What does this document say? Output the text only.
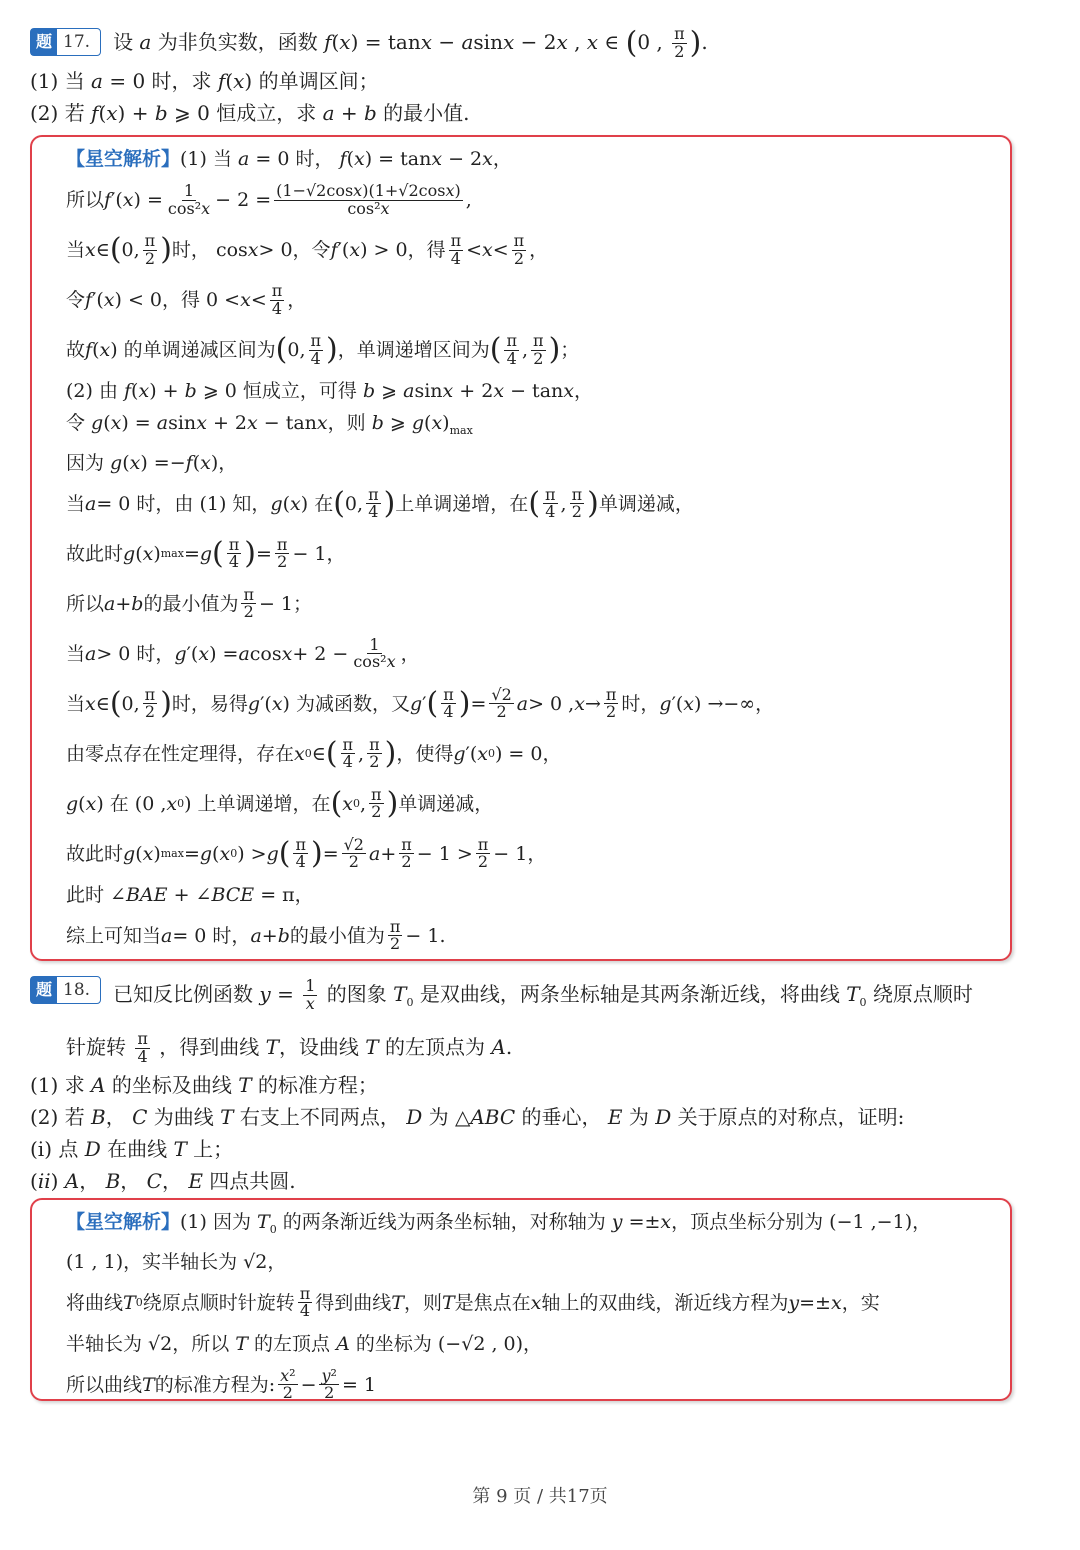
题 17.	设 a 为非负实数，函数 f(x) = tanx − asinx − 2x , x ∈ (0 , $\frac{\pi}{2}$ ).
(1) 当 a = 0 时，求 f(x) 的单调区间；
(2) 若 f(x) + b ⩾ 0 恒成立，求 a + b 的最小值.
【星空解析】(1) 当 a = 0 时， f(x) = tanx − 2x，
所以 f ′( x ) = $\frac{1}{\text{cos²x}} - 2 = \frac{(1-√2\cos x)(1+√2\cos x)}{\text{cos²x}}$ ,
当 x ∈ ( 0, $\frac{\pi}{2}$ ) 时， cos x > 0，令 f ′( x ) > 0，得 $\frac{\pi}{4} < x < \frac{\pi}{2}$ ，
令 f ′( x ) < 0，得 $0 < x < \frac{\pi}{4}$ ，
故 f ( x ) 的单调递减区间为 ( 0, $\frac{\pi}{4}$ ) ，单调递增区间为 ( $\frac{\pi}{4}$ , $\frac{\pi}{2}$ ) ；
(2) 由 f(x) + b ⩾ 0 恒成立，可得 b ⩾ asinx + 2x − tanx，
令 g(x) = asinx + 2x − tanx，则 b ⩾ $g(x)_{max}$
因为 g(x) =−f(x)，
当 a = 0 时，由 (1) 知， g ( x ) 在 ( 0, $\frac{\pi}{4}$ ) 上单调递增，在 ( $\frac{\pi}{4}$ , $\frac{\pi}{2}$ ) 单调递减，
故此时 g ( x ) max = g ( $\frac{\pi}{4}$ ) = $\frac{\pi}{2} - 1$，
所以 a + b 的最小值为 $\frac{\pi}{2} - 1$；
当 a > 0 时， g ′( x ) = a $\cos x + 2 - \frac{1}{\text{cos²x}}$ ，
当 x ∈ ( 0, $\frac{\pi}{2}$ ) 时，易得 g ′( x ) 为减函数，又 g ′ ( $\frac{\pi}{4}$ ) = $\frac{√2}{2}$ a > 0 , $x \to \frac{\pi}{2}$ 时， g ′( x ) →−∞，
由零点存在性定理得，存在 x 0 ∈ ( $\frac{\pi}{4}$ , $\frac{\pi}{2}$ ) ，使得 g ′( x 0 ) = 0，
g ( x ) 在 (0 , x 0 ) 上单调递增，在 ( x 0 , $\frac{\pi}{2}$ ) 单调递减，
故此时 g ( x ) max = g ( x 0 ) > g ( $\frac{\pi}{4}$ ) = $\frac{√2}{2}$ $a + \frac{\pi}{2} - 1 > \frac{\pi}{2} - 1$，
此时 ∠BAE + ∠BCE = π，
综上可知当 a = 0 时， a + b 的最小值为 $\frac{\pi}{2} - 1$.
题 18.	已知反比例函数 $y = \frac{1}{x}$ 的图象 $T_0$ 是双曲线，两条坐标轴是其两条渐近线，将曲线 $T_0$ 绕原点顺时
针旋转 $\frac{\pi}{4}$ ，得到曲线 T，设曲线 T 的左顶点为 A.
(1) 求 A 的坐标及曲线 T 的标准方程；
(2) 若 B， C 为曲线 T 右支上不同两点， D 为 △ABC 的垂心， E 为 D 关于原点的对称点，证明:
(i) 点 D 在曲线 T 上；
(ii) A， B， C， E 四点共圆.
【星空解析】(1) 因为 $T_0$ 的两条渐近线为两条坐标轴，对称轴为 y =±x，顶点坐标分别为 (−1 ,−1)，
(1 , 1)，实半轴长为 √2，
将曲线 T 0 绕原点顺时针旋转 $\frac{\pi}{4}$ 得到曲线 T ，则 T 是焦点在 x 轴上的双曲线，渐近线方程为 y =± x ，实
半轴长为 √2，所以 T 的左顶点 A 的坐标为 (−√2 , 0)，
所以曲线 T 的标准方程为: $\frac{\text{x²}}{2} - \frac{\text{y²}}{2} = 1$
第 9 页 / 共17页
